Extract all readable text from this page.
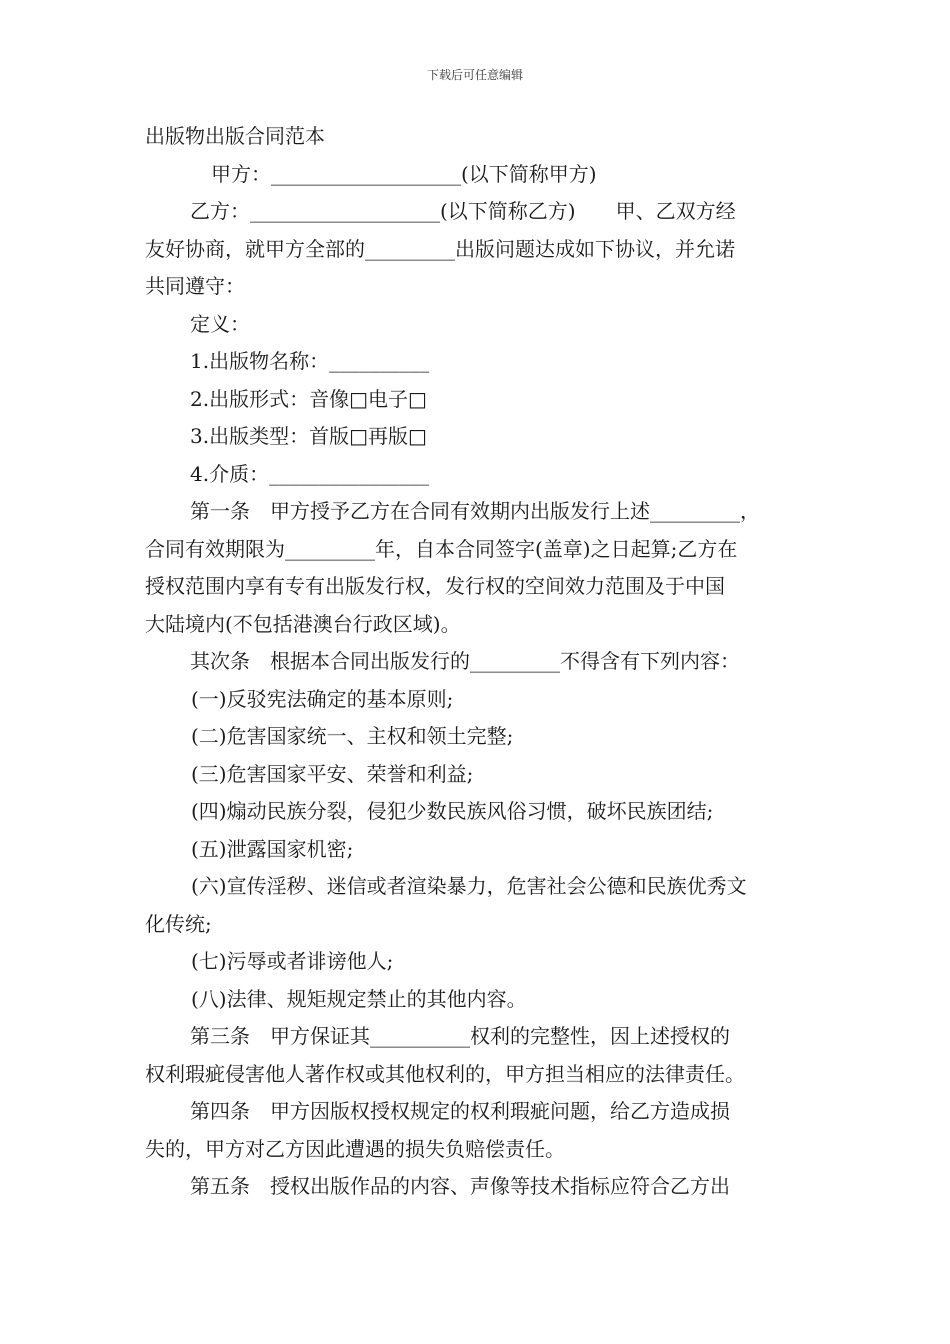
下载后可任意编辑

出版物出版合同范本

甲方：___________________(以下简称甲方)

乙方：___________________(以下简称乙方)　　甲、乙双方经

友好协商，就甲方全部的_________出版问题达成如下协议，并允诺

共同遵守：

定义：

1.出版物名称：__________

2.出版形式：音像□电子□

3.出版类型：首版□再版□

4.介质：________________

第一条　甲方授予乙方在合同有效期内出版发行上述_________，

合同有效期限为_________年，自本合同签字(盖章)之日起算;乙方在

授权范围内享有专有出版发行权，发行权的空间效力范围及于中国

大陆境内(不包括港澳台行政区域)。

其次条　根据本合同出版发行的_________不得含有下列内容：

(一)反驳宪法确定的基本原则;

(二)危害国家统一、主权和领土完整;

(三)危害国家平安、荣誉和利益;

(四)煽动民族分裂，侵犯少数民族风俗习惯，破坏民族团结;

(五)泄露国家机密;

(六)宣传淫秽、迷信或者渲染暴力，危害社会公德和民族优秀文

化传统;

(七)污辱或者诽谤他人;

(八)法律、规矩规定禁止的其他内容。

第三条　甲方保证其__________权利的完整性，因上述授权的

权利瑕疵侵害他人著作权或其他权利的，甲方担当相应的法律责任。

第四条　甲方因版权授权规定的权利瑕疵问题，给乙方造成损

失的，甲方对乙方因此遭遇的损失负赔偿责任。

第五条　授权出版作品的内容、声像等技术指标应符合乙方出
